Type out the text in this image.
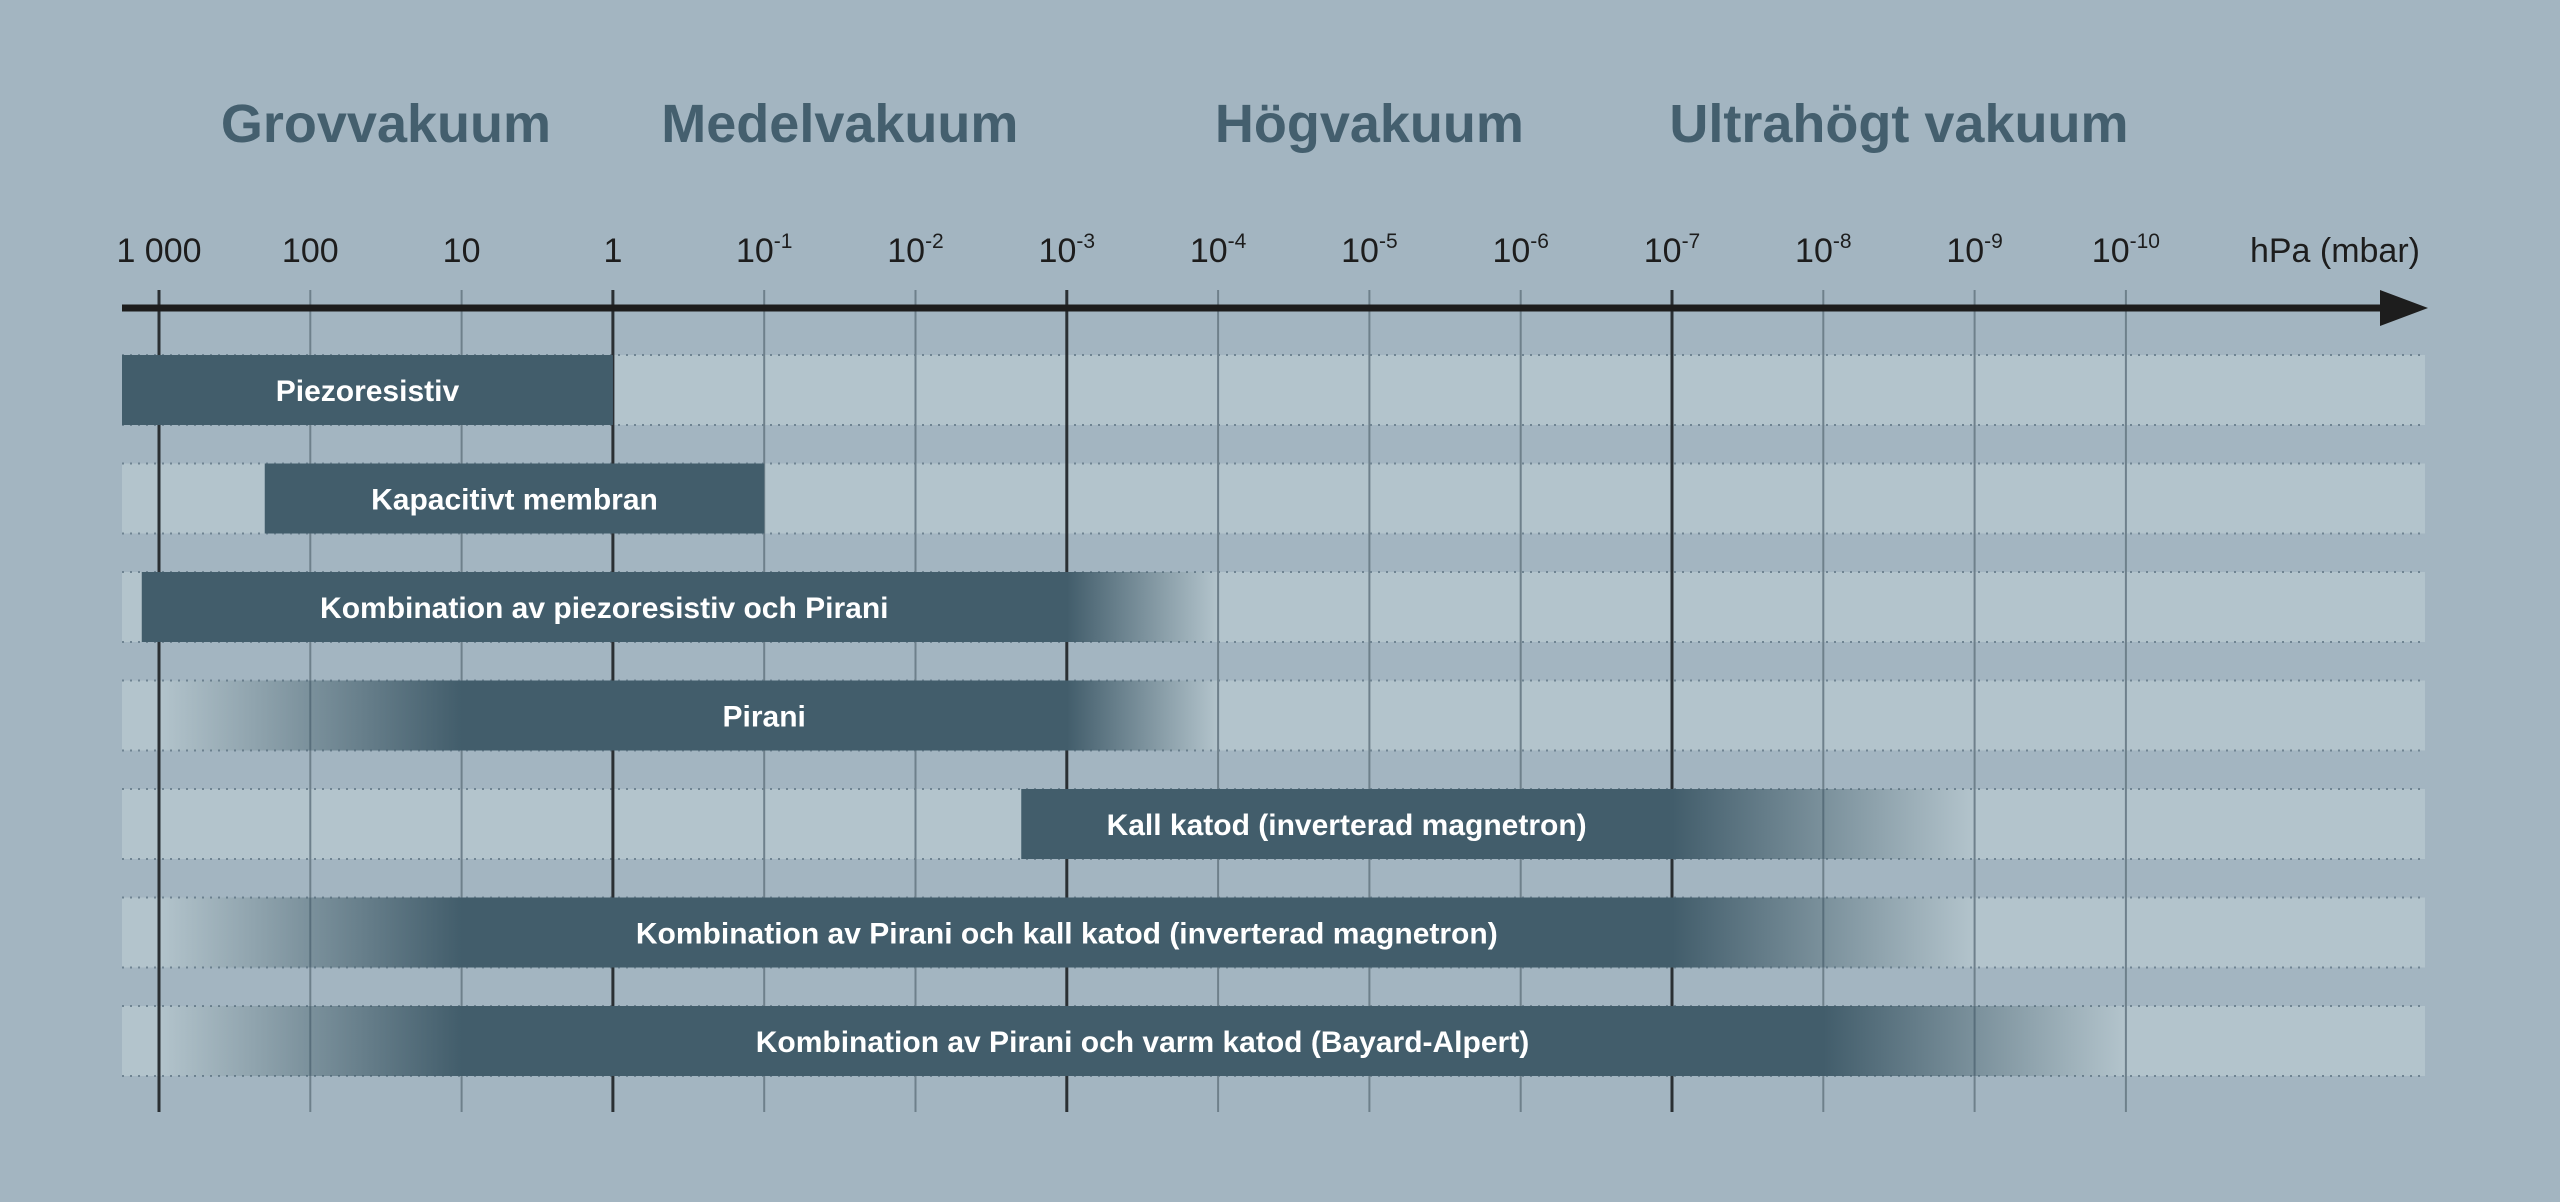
Piezoresistiv
Kapacitivt membran
Kombination av piezoresistiv och Pirani
Pirani
Kall katod (inverterad magnetron)
Kombination av Pirani och kall katod (inverterad magnetron)
Kombination av Pirani och varm katod (Bayard-Alpert)
Grovvakuum Medelvakuum	Högvakuum	Ultrahögt vakuum
1 000 100	10	1	$10^{-1}$	$10^{-2}$	$10^{-3}$	$10^{-4}$	$10^{-5}$	$10^{-6}$	$10^{-7}$	$10^{-8}$	$10^{-9}$	$10^{-10}$	hPa (mbar)
